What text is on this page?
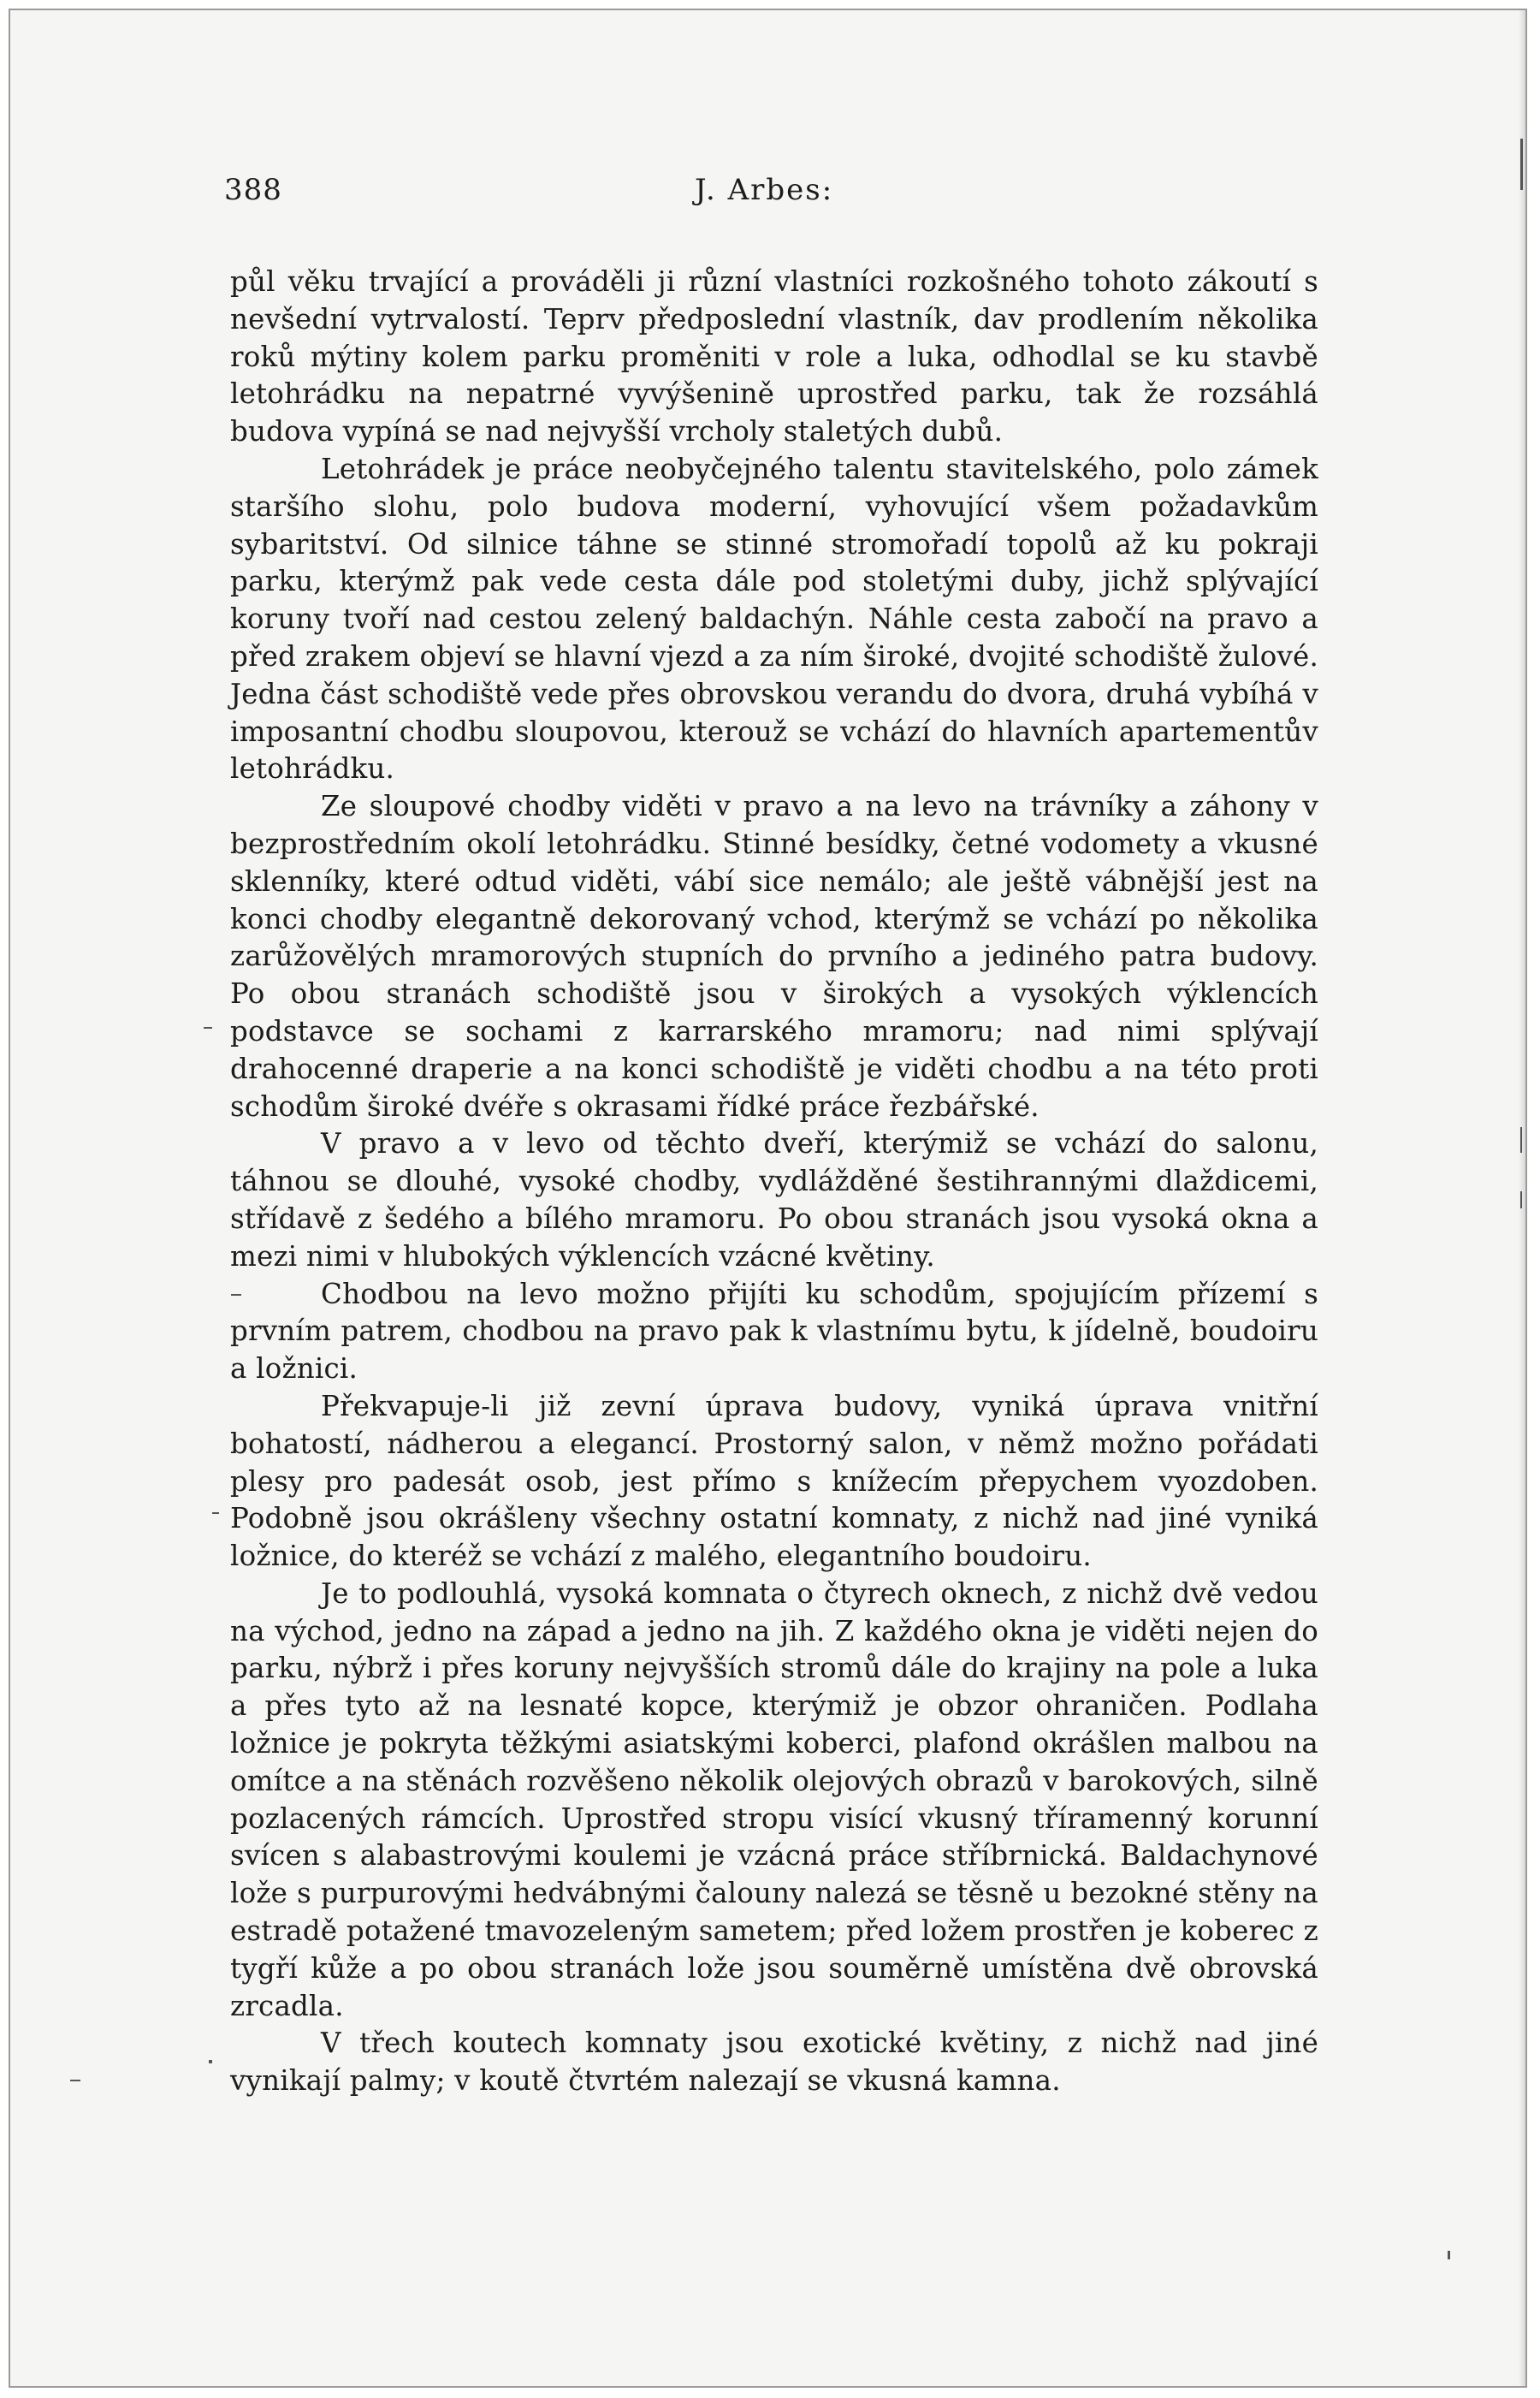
388	J. Arbes:

půl věku trvající a prováděli ji různí vlastníci rozkošného tohoto zákoutí s nevšední vytrvalostí. Teprv předposlední vlastník, dav prodlením několika roků mýtiny kolem parku proměniti v role a luka, odhodlal se ku stavbě letohrádku na nepatrné vyvýšenině uprostřed parku, tak že rozsáhlá budova vypíná se nad nejvyšší vrcholy staletých dubů.

Letohrádek je práce neobyčejného talentu stavitelského, polo zámek staršího slohu, polo budova moderní, vyhovující všem požadavkům sybaritství. Od silnice táhne se stinné stromořadí topolů až ku pokraji parku, kterýmž pak vede cesta dále pod stoletými duby, jichž splývající koruny tvoří nad cestou zelený baldachýn. Náhle cesta zabočí na pravo a před zrakem objeví se hlavní vjezd a za ním široké, dvojité schodiště žulové. Jedna část schodiště vede přes obrovskou verandu do dvora, druhá vybíhá v imposantní chodbu sloupovou, kterouž se vchází do hlavních apartementův letohrádku.

Ze sloupové chodby viděti v pravo a na levo na trávníky a záhony v bezprostředním okolí letohrádku. Stinné besídky, četné vodomety a vkusné sklenníky, které odtud viděti, vábí sice nemálo; ale ještě vábnější jest na konci chodby elegantně dekorovaný vchod, kterýmž se vchází po několika zarůžovělých mramorových stupních do prvního a jediného patra budovy. Po obou stranách schodiště jsou v širokých a vysokých výklencích podstavce se sochami z karrarského mramoru; nad nimi splývají drahocenné draperie a na konci schodiště je viděti chodbu a na této proti schodům široké dvéře s okrasami řídké práce řezbářské.

V pravo a v levo od těchto dveří, kterýmiž se vchází do salonu, táhnou se dlouhé, vysoké chodby, vydlážděné šestihrannými dlaždicemi, střídavě z šedého a bílého mramoru. Po obou stranách jsou vysoká okna a mezi nimi v hlubokých výklencích vzácné květiny.

Chodbou na levo možno přijíti ku schodům, spojujícím přízemí s prvním patrem, chodbou na pravo pak k vlastnímu bytu, k jídelně, boudoiru a ložnici.

Překvapuje-li již zevní úprava budovy, vyniká úprava vnitřní bohatostí, nádherou a elegancí. Prostorný salon, v němž možno pořádati plesy pro padesát osob, jest přímo s knížecím přepychem vyozdoben. Podobně jsou okrášleny všechny ostatní komnaty, z nichž nad jiné vyniká ložnice, do kteréž se vchází z malého, elegantního boudoiru.

Je to podlouhlá, vysoká komnata o čtyrech oknech, z nichž dvě vedou na východ, jedno na západ a jedno na jih. Z každého okna je viděti nejen do parku, nýbrž i přes koruny nejvyšších stromů dále do krajiny na pole a luka a přes tyto až na lesnaté kopce, kterýmiž je obzor ohraničen. Podlaha ložnice je pokryta těžkými asiatskými koberci, plafond okrášlen malbou na omítce a na stěnách rozvěšeno několik olejových obrazů v barokových, silně pozlacených rámcích. Uprostřed stropu visící vkusný tříramenný korunní svícen s alabastrovými koulemi je vzácná práce stříbrnická. Baldachynové lože s purpurovými hedvábnými čalouny nalezá se těsně u bezokné stěny na estradě potažené tmavozeleným sametem; před ložem prostřen je koberec z tygří kůže a po obou stranách lože jsou souměrně umístěna dvě obrovská zrcadla.

V třech koutech komnaty jsou exotické květiny, z nichž nad jiné vynikají palmy; v koutě čtvrtém nalezají se vkusná kamna.
